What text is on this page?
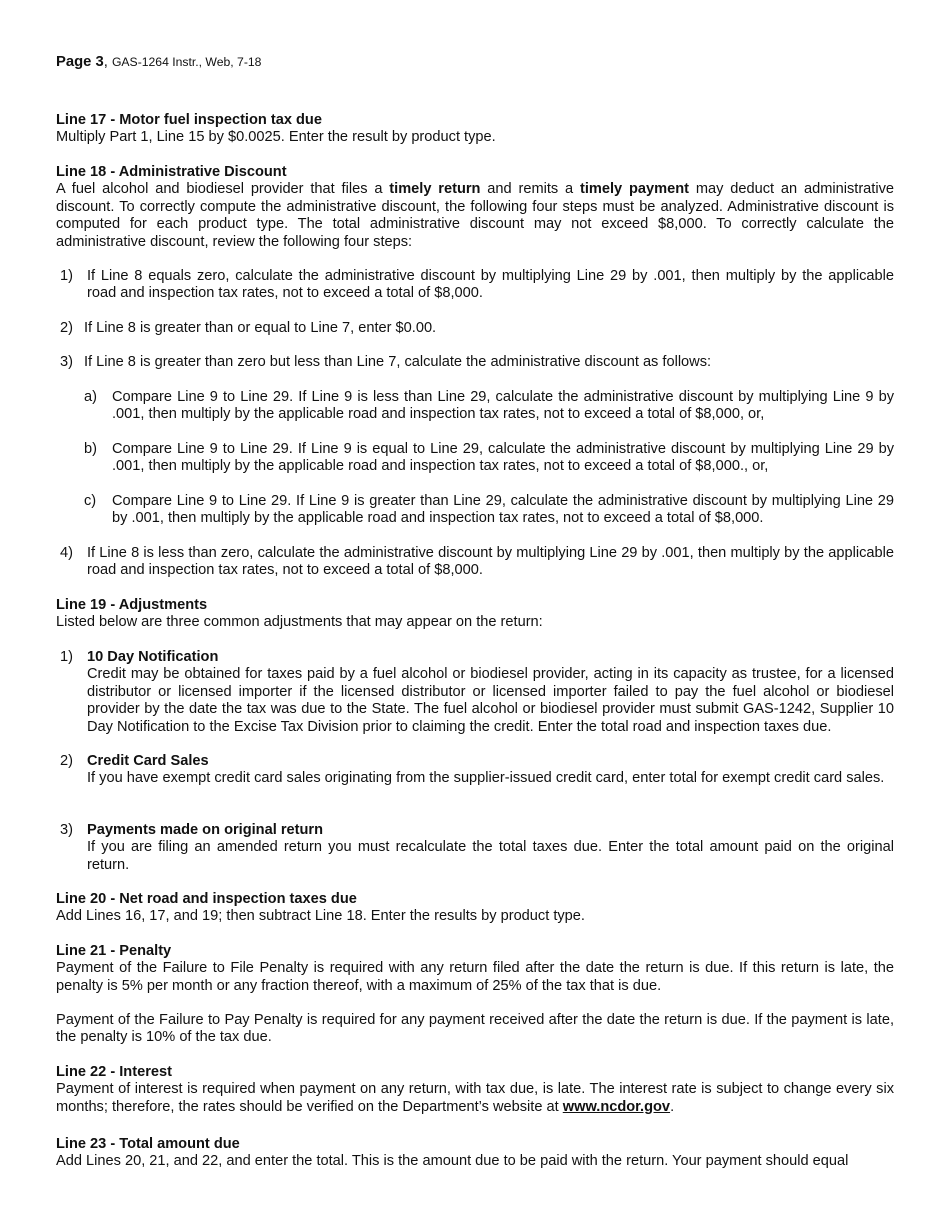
Page 3, GAS-1264 Instr., Web, 7-18
Line 17 - Motor fuel inspection tax due
Multiply Part 1, Line 15 by $0.0025. Enter the result by product type.
Line 18 - Administrative Discount
A fuel alcohol and biodiesel provider that files a timely return and remits a timely payment may deduct an administrative discount. To correctly compute the administrative discount, the following four steps must be analyzed. Administrative discount is computed for each product type. The total administrative discount may not exceed $8,000. To correctly calculate the administrative discount, review the following four steps:
1) If Line 8 equals zero, calculate the administrative discount by multiplying Line 29 by .001, then multiply by the applicable road and inspection tax rates, not to exceed a total of $8,000.
2) If Line 8 is greater than or equal to Line 7, enter $0.00.
3) If Line 8 is greater than zero but less than Line 7, calculate the administrative discount as follows:
a) Compare Line 9 to Line 29. If Line 9 is less than Line 29, calculate the administrative discount by multiplying Line 9 by .001, then multiply by the applicable road and inspection tax rates, not to exceed a total of $8,000, or,
b) Compare Line 9 to Line 29. If Line 9 is equal to Line 29, calculate the administrative discount by multiplying Line 29 by .001, then multiply by the applicable road and inspection tax rates, not to exceed a total of $8,000., or,
c) Compare Line 9 to Line 29. If Line 9 is greater than Line 29, calculate the administrative discount by multiplying Line 29 by .001, then multiply by the applicable road and inspection tax rates, not to exceed a total of $8,000.
4) If Line 8 is less than zero, calculate the administrative discount by multiplying Line 29 by .001, then multiply by the applicable road and inspection tax rates, not to exceed a total of $8,000.
Line 19 - Adjustments
Listed below are three common adjustments that may appear on the return:
1) 10 Day Notification
Credit may be obtained for taxes paid by a fuel alcohol or biodiesel provider, acting in its capacity as trustee, for a licensed distributor or licensed importer if the licensed distributor or licensed importer failed to pay the fuel alcohol or biodiesel provider by the date the tax was due to the State. The fuel alcohol or biodiesel provider must submit GAS-1242, Supplier 10 Day Notification to the Excise Tax Division prior to claiming the credit. Enter the total road and inspection taxes due.
2) Credit Card Sales
If you have exempt credit card sales originating from the supplier-issued credit card, enter total for exempt credit card sales.
3) Payments made on original return
If you are filing an amended return you must recalculate the total taxes due. Enter the total amount paid on the original return.
Line 20 - Net road and inspection taxes due
Add Lines 16, 17, and 19; then subtract Line 18. Enter the results by product type.
Line 21 - Penalty
Payment of the Failure to File Penalty is required with any return filed after the date the return is due. If this return is late, the penalty is 5% per month or any fraction thereof, with a maximum of 25% of the tax that is due.
Payment of the Failure to Pay Penalty is required for any payment received after the date the return is due. If the payment is late, the penalty is 10% of the tax due.
Line 22 - Interest
Payment of interest is required when payment on any return, with tax due, is late. The interest rate is subject to change every six months; therefore, the rates should be verified on the Department’s website at www.ncdor.gov.
Line 23 - Total amount due
Add Lines 20, 21, and 22, and enter the total. This is the amount due to be paid with the return. Your payment should equal
